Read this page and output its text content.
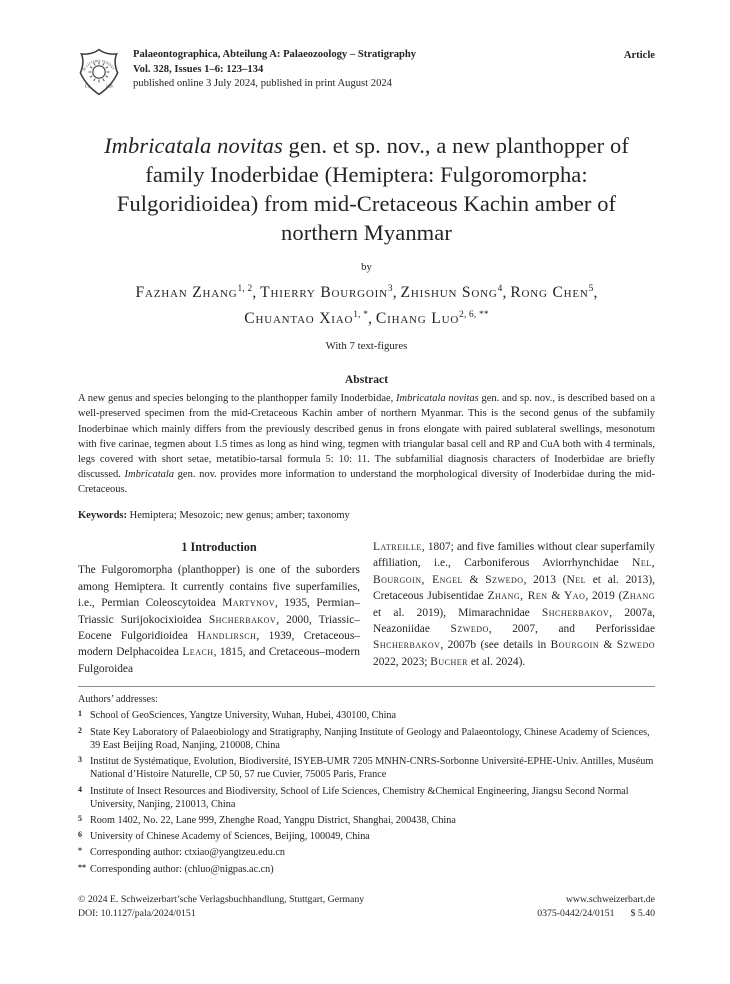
IN LITTERIS VERITAS
E.S.	1826
Palaeontographica, Abteilung A: Palaeozoology – Stratigraphy
Vol. 328, Issues 1–6: 123–134
published online 3 July 2024, published in print August 2024
Article
Imbricatala novitas gen. et sp. nov., a new planthopper of family Inoderbidae (Hemiptera: Fulgoromorpha: Fulgoridioidea) from mid-Cretaceous Kachin amber of northern Myanmar
by
Fazhan Zhang$^{1, 2}$, Thierry Bourgoin$^3$, Zhishun Song$^4$, Rong Chen$^5$,
Chuantao Xiao$^{1, *}$, Cihang Luo$^{2, 6, **}$
With 7 text-figures
Abstract

A new genus and species belonging to the planthopper family Inoderbidae, Imbricatala novitas gen. and sp. nov., is described based on a well-preserved specimen from the mid-Cretaceous Kachin amber of northern Myanmar. This is the second genus of the subfamily Inoderbinae which mainly differs from the previously described genus in frons elongate with paired sublateral swellings, mesonotum with five carinae, tegmen about 1.5 times as long as hind wing, tegmen with triangular basal cell and RP and CuA both with 4 terminals, legs covered with short setae, metatibio-tarsal formula 5: 10: 11. The subfamilial diagnosis characters of Inoderbidae are briefly discussed. Imbricatala gen. nov. provides more information to understand the morphological diversity of Inoderbidae during the mid-Cretaceous.

Keywords: Hemiptera; Mesozoic; new genus; amber; taxonomy
1 Introduction

The Fulgoromorpha (planthopper) is one of the suborders among Hemiptera. It currently contains five superfamilies, i.e., Permian Coleoscytoidea Martynov, 1935, Permian–Triassic Surijokocixioidea Shcherbakov, 2000, Triassic–Eocene Fulgoridioidea Handlirsch, 1939, Cretaceous–modern Delphacoidea Leach, 1815, and Cretaceous–modern Fulgoroidea

Latreille, 1807; and five families without clear superfamily affiliation, i.e., Carboniferous Aviorrhynchidae Nel, Bourgoin, Engel & Szwedo, 2013 (Nel et al. 2013), Cretaceous Jubisentidae Zhang, Ren & Yao, 2019 (Zhang et al. 2019), Mimarachnidae Shcherbakov, 2007a, Neazoniidae Szwedo, 2007, and Perforissidae Shcherbakov, 2007b (see details in Bourgoin & Szwedo 2022, 2023; Bucher et al. 2024).

Authors’ addresses:
1 School of GeoSciences, Yangtze University, Wuhan, Hubei, 430100, China
2 State Key Laboratory of Palaeobiology and Stratigraphy, Nanjing Institute of Geology and Palaeontology, Chinese Academy of Sciences, 39 East Beijing Road, Nanjing, 210008, China
3 Institut de Systématique, Evolution, Biodiversité, ISYEB-UMR 7205 MNHN-CNRS-Sorbonne Université-EPHE-Univ. Antilles, Muséum National d’Histoire Naturelle, CP 50, 57 rue Cuvier, 75005 Paris, France
4 Institute of Insect Resources and Biodiversity, School of Life Sciences, Chemistry &Chemical Engineering, Jiangsu Second Normal University, Nanjing, 210013, China
5 Room 1402, No. 22, Lane 999, Zhenghe Road, Yangpu District, Shanghai, 200438, China
6 University of Chinese Academy of Sciences, Beijing, 100049, China
* Corresponding author: ctxiao@yangtzeu.edu.cn
** Corresponding author: (chluo@nigpas.ac.cn)
© 2024 E. Schweizerbart’sche Verlagsbuchhandlung, Stuttgart, Germany
DOI: 10.1127/pala/2024/0151
www.schweizerbart.de
0375-0442/24/0151 $ 5.40
